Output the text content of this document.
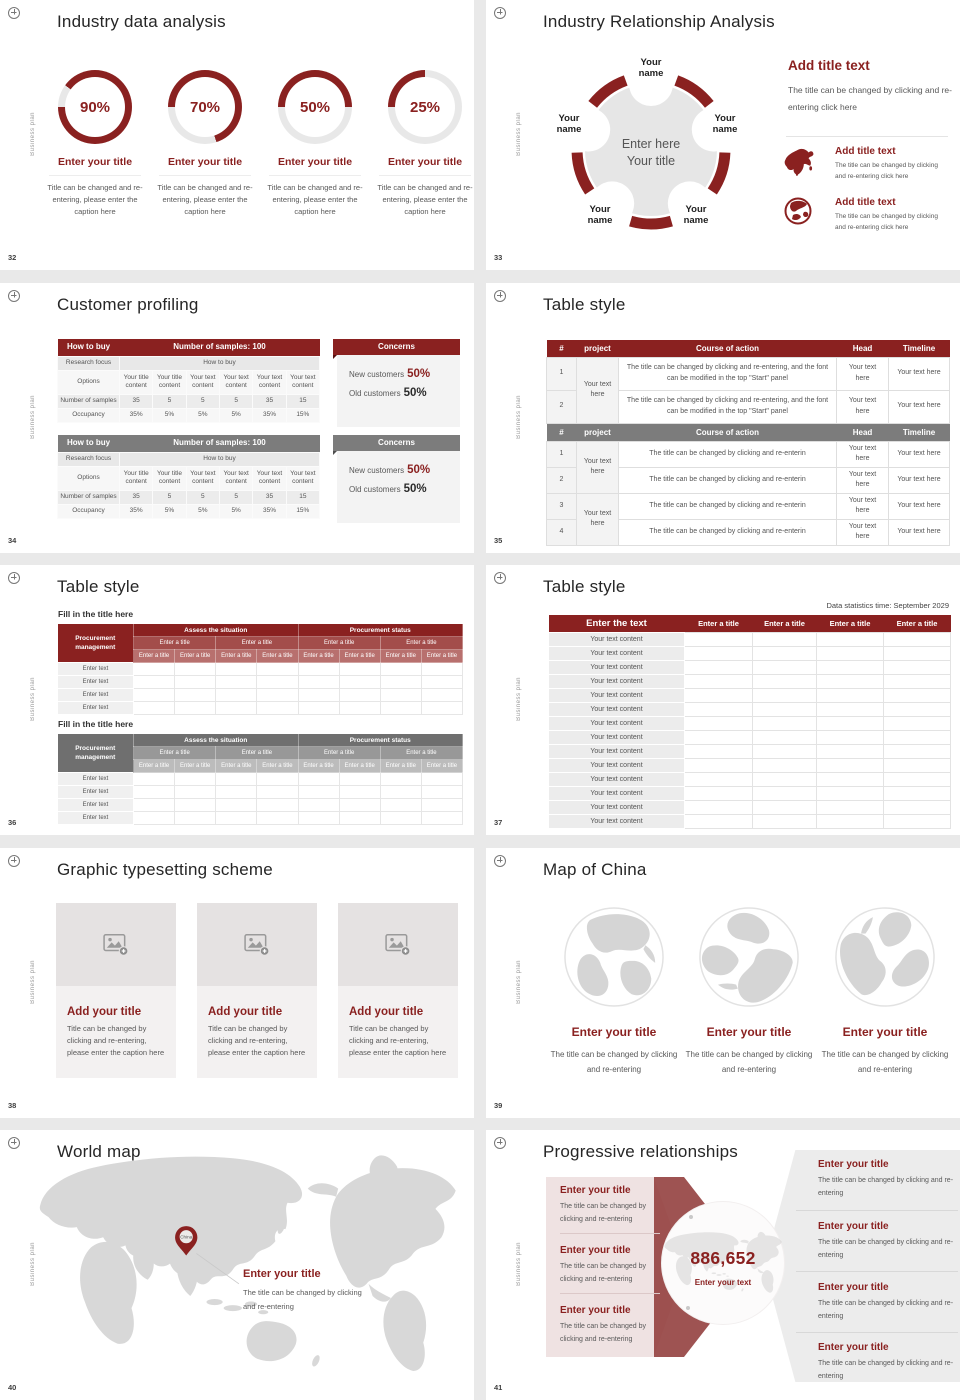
Business plan
Industry data analysis
90%
Enter your title
Title can be changed and re-entering, please enter the caption here
70%
Enter your title
Title can be changed and re-entering, please enter the caption here
50%
Enter your title
Title can be changed and re-entering, please enter the caption here
25%
Enter your title
Title can be changed and re-entering, please enter the caption here
32
Business plan
Industry Relationship Analysis
Enter here
Your title
Your name
Your name
Your name
Your name
Your name
Add title text

The title can be changed by clicking and re-entering click here

Add title text
The title can be changed by clicking and re-entering click here
Add title text
The title can be changed by clicking and re-entering click here
33
Business plan
Customer profiling
How to buy	Number of samples: 100					
Research focus	How to buy					
Options	Your title content	Your title content	Your text content	Your text content	Your text content	Your text content
Number of samples	35	5	5	5	35	15
Occupancy	35%	5%	5%	5%	35%	15%
Concerns
New customers 50%
Old customers 50%
How to buy	Number of samples: 100					
Research focus	How to buy					
Options	Your title content	Your title content	Your text content	Your text content	Your text content	Your text content
Number of samples	35	5	5	5	35	15
Occupancy	35%	5%	5%	5%	35%	15%
Concerns
New customers 50%
Old customers 50%
34
Business plan
Table style
#	project	Course of action	Head	Timeline
1	Your text here	The title can be changed by clicking and re-entering, and the font can be modified in the top "Start" panel	Your text here	Your text here
2		The title can be changed by clicking and re-entering, and the font can be modified in the top "Start" panel	Your text here	Your text here
#	project	Course of action	Head	Timeline
1	Your text here	The title can be changed by clicking and re-enterin	Your text here	Your text here
2		The title can be changed by clicking and re-enterin	Your text here	Your text here
3	Your text here	The title can be changed by clicking and re-enterin	Your text here	Your text here
4		The title can be changed by clicking and re-enterin	Your text here	Your text here
35
Business plan
Table style
Fill in the title here
Procurement management	Assess the situation				Procurement status			
	Enter a title		Enter a title		Enter a title		Enter a title	
	Enter a title	Enter a title	Enter a title	Enter a title	Enter a title	Enter a title	Enter a title	Enter a title
Enter text								
Enter text								
Enter text								
Enter text								
Fill in the title here
Procurement management	Assess the situation				Procurement status			
	Enter a title		Enter a title		Enter a title		Enter a title	
	Enter a title	Enter a title	Enter a title	Enter a title	Enter a title	Enter a title	Enter a title	Enter a title
Enter text								
Enter text								
Enter text								
Enter text								
36
Business plan
Table style
Data statistics time: September 2029
Enter the text	Enter a title	Enter a title	Enter a title	Enter a title
Your text content				
Your text content				
Your text content				
Your text content				
Your text content				
Your text content				
Your text content				
Your text content				
Your text content				
Your text content				
Your text content				
Your text content				
Your text content				
Your text content				
37
Business plan
Graphic typesetting scheme
Add your title
Title can be changed by clicking and re-entering, please enter the caption here
Add your title
Title can be changed by clicking and re-entering, please enter the caption here
Add your title
Title can be changed by clicking and re-entering, please enter the caption here
38
Business plan
Map of China
Enter your title
The title can be changed by clicking and re-entering
Enter your title
The title can be changed by clicking and re-entering
Enter your title
The title can be changed by clicking and re-entering
39
Business plan
World map
China
Enter your title
The title can be changed by clicking and re-entering
40
Business plan
Progressive relationships
Enter your title
The title can be changed by clicking and re-entering
Enter your title
The title can be changed by clicking and re-entering
Enter your title
The title can be changed by clicking and re-entering
Enter your title
The title can be changed by clicking and re-entering
Enter your title
The title can be changed by clicking and re-entering
Enter your title
The title can be changed by clicking and re-entering
Enter your title
The title can be changed by clicking and re-entering
886,652
Enter your text
41
